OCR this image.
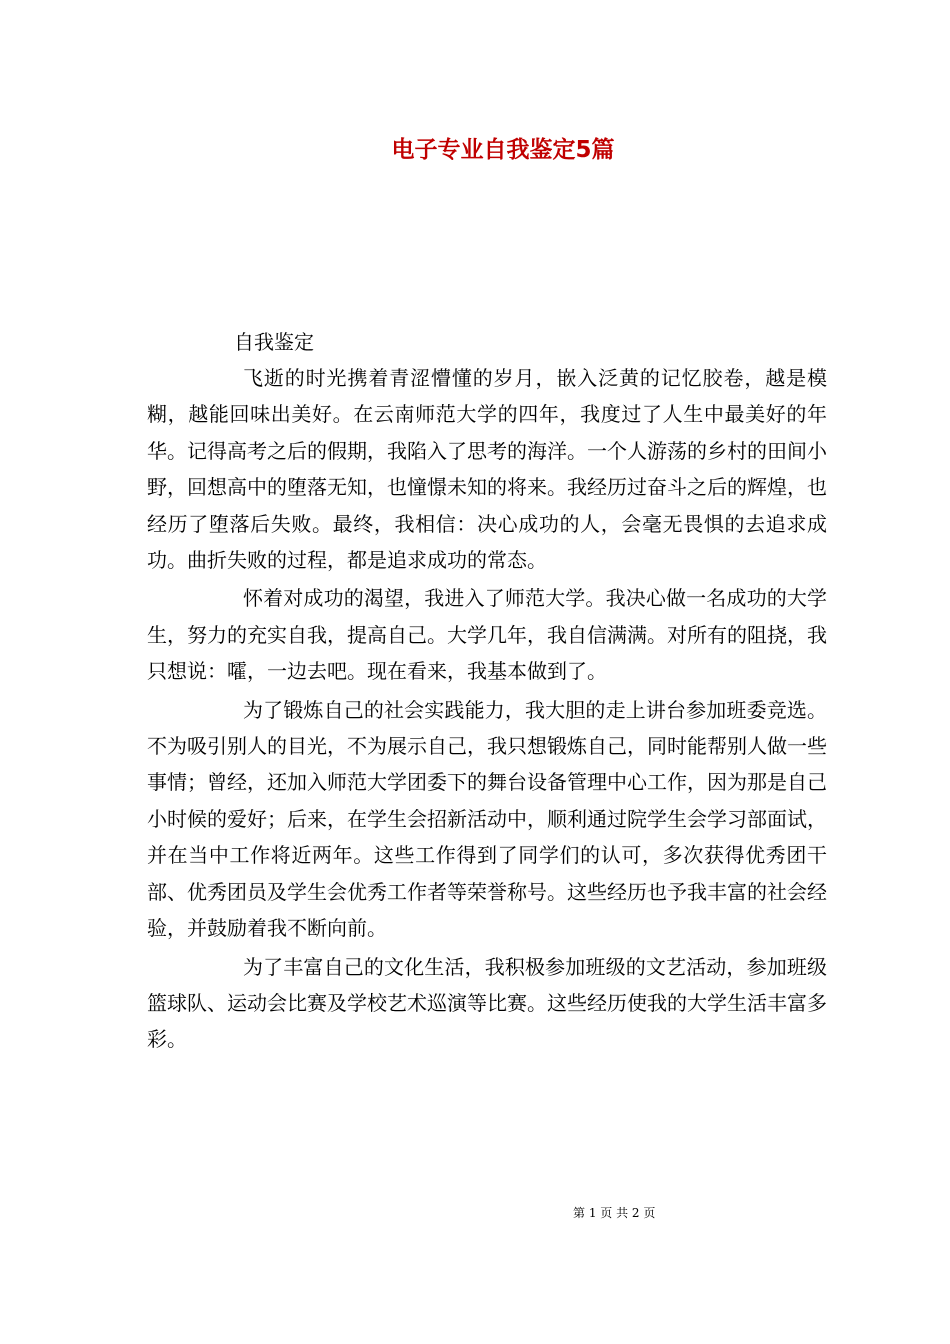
电子专业自我鉴定5篇

自我鉴定

飞逝的时光携着青涩懵懂的岁月，嵌入泛黄的记忆胶卷，越是模糊，越能回味出美好。在云南师范大学的四年，我度过了人生中最美好的年华。记得高考之后的假期，我陷入了思考的海洋。一个人游荡的乡村的田间小野，回想高中的堕落无知，也憧憬未知的将来。我经历过奋斗之后的辉煌，也经历了堕落后失败。最终，我相信：决心成功的人，会毫无畏惧的去追求成功。曲折失败的过程，都是追求成功的常态。

怀着对成功的渴望，我进入了师范大学。我决心做一名成功的大学生，努力的充实自我，提高自己。大学几年，我自信满满。对所有的阻挠，我只想说：嚯，一边去吧。现在看来，我基本做到了。

为了锻炼自己的社会实践能力，我大胆的走上讲台参加班委竞选。不为吸引别人的目光，不为展示自己，我只想锻炼自己，同时能帮别人做一些事情；曾经，还加入师范大学团委下的舞台设备管理中心工作，因为那是自己小时候的爱好；后来，在学生会招新活动中，顺利通过院学生会学习部面试，并在当中工作将近两年。这些工作得到了同学们的认可，多次获得优秀团干部、优秀团员及学生会优秀工作者等荣誉称号。这些经历也予我丰富的社会经验，并鼓励着我不断向前。

为了丰富自己的文化生活，我积极参加班级的文艺活动，参加班级篮球队、运动会比赛及学校艺术巡演等比赛。这些经历使我的大学生活丰富多彩。

第 1 页 共 2 页
